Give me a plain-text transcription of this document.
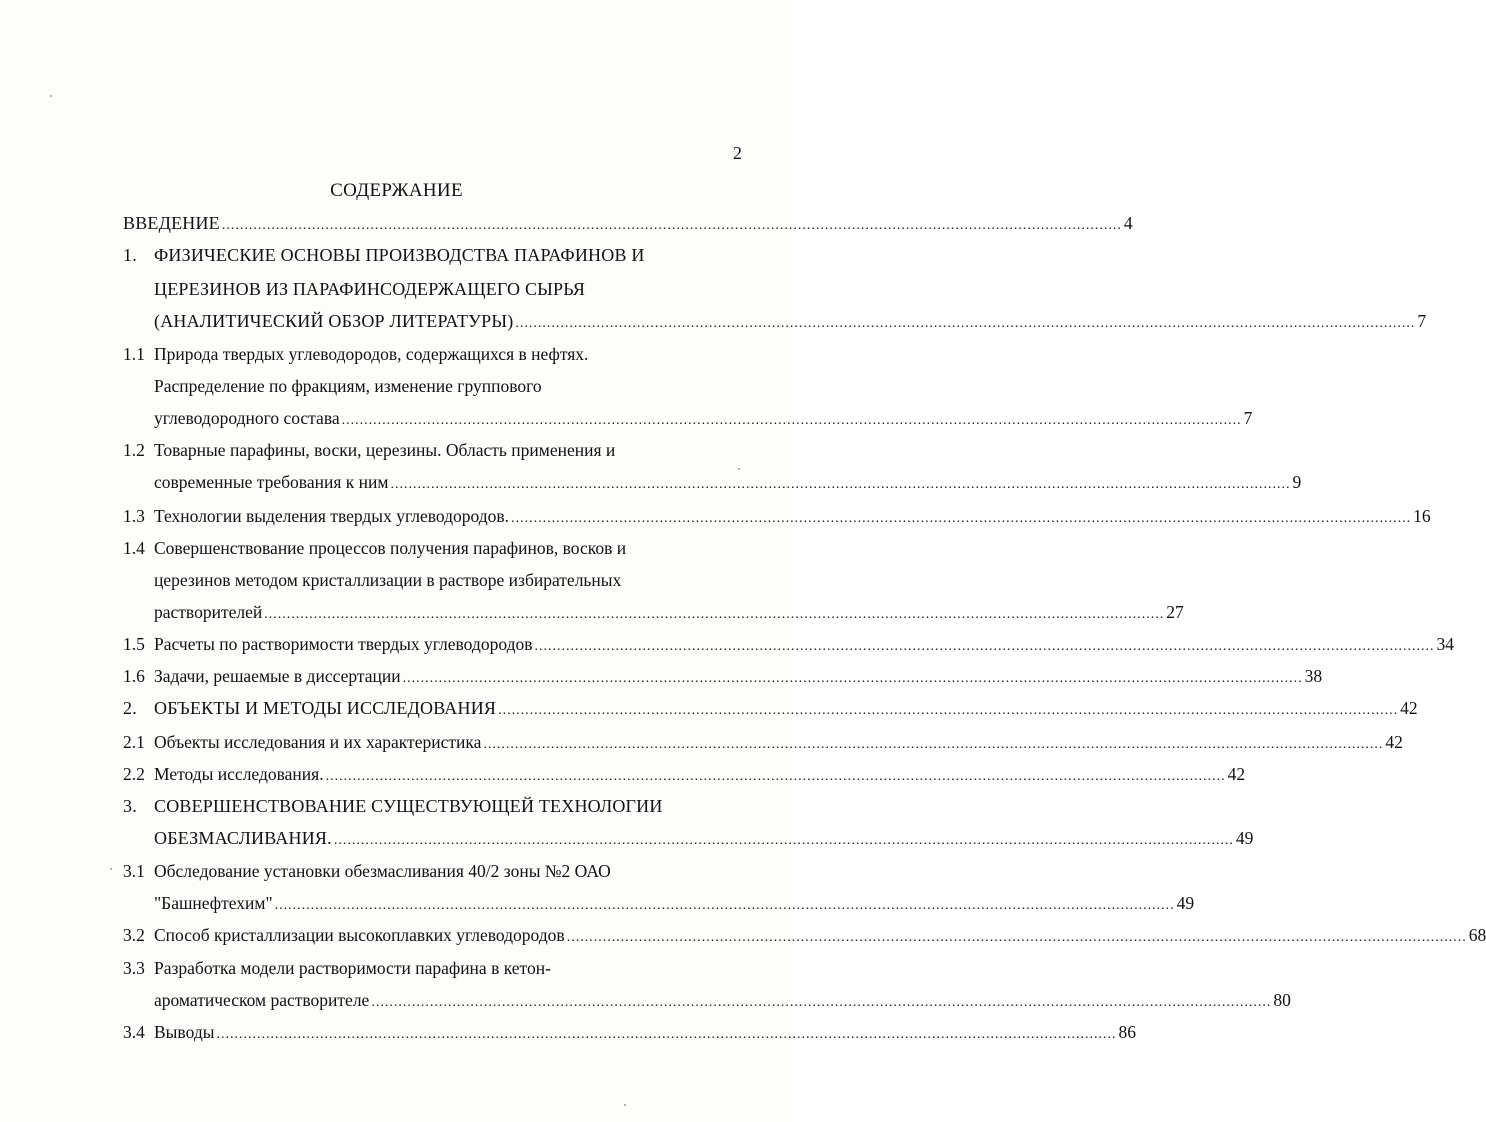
2
СОДЕРЖАНИЕ
ВВЕДЕНИЕ ........................................................................................................................................................................................................ 4
1. ФИЗИЧЕСКИЕ ОСНОВЫ ПРОИЗВОДСТВА ПАРАФИНОВ И
ЦЕРЕЗИНОВ ИЗ ПАРАФИНСОДЕРЖАЩЕГО СЫРЬЯ
(АНАЛИТИЧЕСКИЙ ОБЗОР ЛИТЕРАТУРЫ) ........................................................................................................................................................................................................ 7
1.1 Природа твердых углеводородов, содержащихся в нефтях.
Распределение по фракциям, изменение группового
углеводородного состава ........................................................................................................................................................................................................ 7
1.2 Товарные парафины, воски, церезины. Область применения и
современные требования к ним ........................................................................................................................................................................................................ 9
1.3 Технологии выделения твердых углеводородов. ........................................................................................................................................................................................................ 16
1.4 Совершенствование процессов получения парафинов, восков и
церезинов методом кристаллизации в растворе избирательных
растворителей ........................................................................................................................................................................................................ 27
1.5 Расчеты по растворимости твердых углеводородов ........................................................................................................................................................................................................ 34
1.6 Задачи, решаемые в диссертации ........................................................................................................................................................................................................ 38
2. ОБЪЕКТЫ И МЕТОДЫ ИССЛЕДОВАНИЯ ........................................................................................................................................................................................................ 42
2.1 Объекты исследования и их характеристика ........................................................................................................................................................................................................ 42
2.2 Методы исследования. ........................................................................................................................................................................................................ 42
3. СОВЕРШЕНСТВОВАНИЕ СУЩЕСТВУЮЩЕЙ ТЕХНОЛОГИИ
ОБЕЗМАСЛИВАНИЯ. ........................................................................................................................................................................................................ 49
3.1 Обследование установки обезмасливания 40/2 зоны №2 ОАО
"Башнефтехим" ........................................................................................................................................................................................................ 49
3.2 Способ кристаллизации высокоплавких углеводородов ........................................................................................................................................................................................................ 68
3.3 Разработка модели растворимости парафина в кетон-
ароматическом растворителе ........................................................................................................................................................................................................ 80
3.4 Выводы ........................................................................................................................................................................................................ 86
